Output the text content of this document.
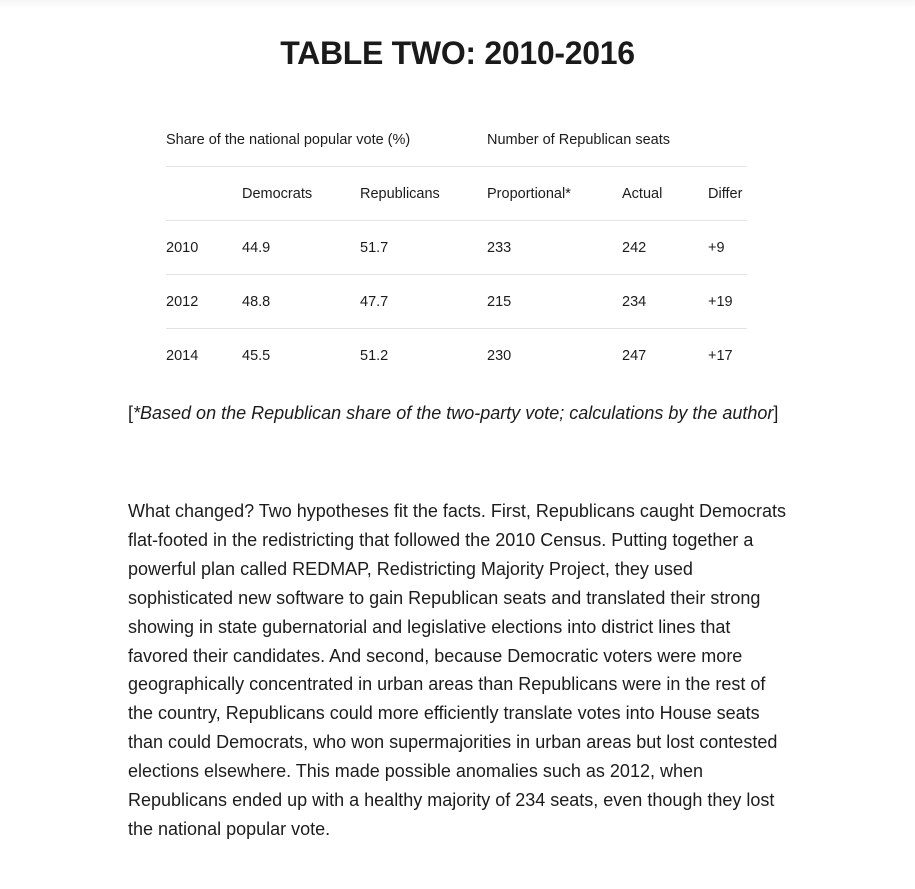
TABLE TWO: 2010-2016
Share of the national popular vote (%)			Number of Republican seats		
	Democrats	Republicans	Proportional*	Actual	Differ
2010	44.9	51.7	233	242	+9
2012	48.8	47.7	215	234	+19
2014	45.5	51.2	230	247	+17

[*Based on the Republican share of the two-party vote; calculations by the author]

What changed? Two hypotheses fit the facts. First, Republicans caught Democrats flat-footed in the redistricting that followed the 2010 Census. Putting together a powerful plan called REDMAP, Redistricting Majority Project, they used sophisticated new software to gain Republican seats and translated their strong showing in state gubernatorial and legislative elections into district lines that favored their candidates. And second, because Democratic voters were more geographically concentrated in urban areas than Republicans were in the rest of the country, Republicans could more efficiently translate votes into House seats than could Democrats, who won supermajorities in urban areas but lost contested elections elsewhere. This made possible anomalies such as 2012, when Republicans ended up with a healthy majority of 234 seats, even though they lost the national popular vote.
